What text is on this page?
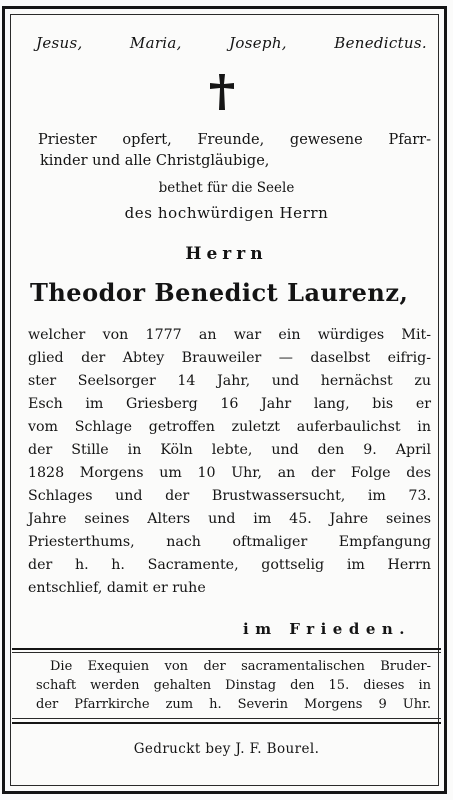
Jesus,	Maria,	Joseph,	Benedictus.
Priester opfert, Freunde, gewesene Pfarr-
kinder und alle Christgläubige,
bethet für die Seele
des hochwürdigen Herrn
Herrn
Theodor Benedict Laurenz,
welcher von 1777 an war ein würdiges Mit-
glied der Abtey Brauweiler — daselbst eifrig-
ster Seelsorger 14 Jahr, und hernächst zu
Esch im Griesberg 16 Jahr lang, bis er
vom Schlage getroffen zuletzt auferbaulichst in
der Stille in Köln lebte, und den 9. April
1828 Morgens um 10 Uhr, an der Folge des
Schlages und der Brustwassersucht, im 73.
Jahre seines Alters und im 45. Jahre seines
Priesterthums, nach oftmaliger Empfangung
der h. h. Sacramente, gottselig im Herrn
entschlief, damit er ruhe
im Frieden.
Die Exequien von der sacramentalischen Bruder-
schaft werden gehalten Dinstag den 15. dieses in
der Pfarrkirche zum h. Severin Morgens 9 Uhr.
Gedruckt bey J. F. Bourel.
